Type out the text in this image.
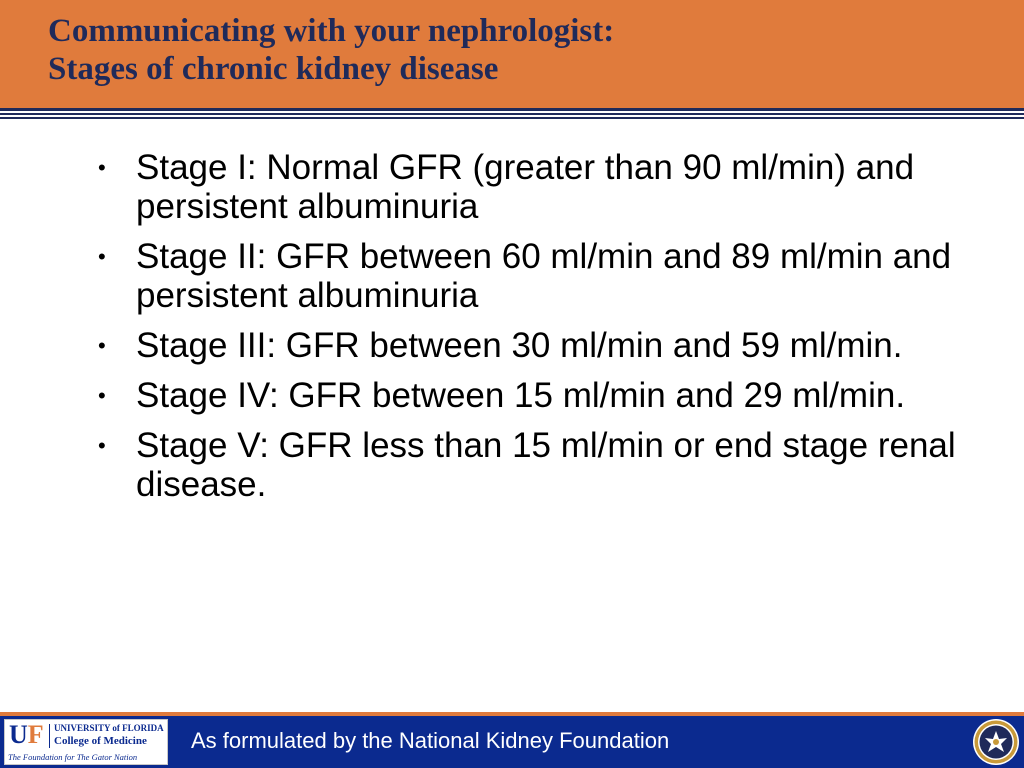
Communicating with your nephrologist:
Stages of chronic kidney disease
• Stage I: Normal GFR (greater than 90 ml/min) and persistent albuminuria
• Stage II: GFR between 60 ml/min and 89 ml/min and persistent albuminuria
• Stage III: GFR between 30 ml/min and 59 ml/min.
• Stage IV: GFR between 15 ml/min and 29 ml/min.
• Stage V: GFR less than 15 ml/min or end stage renal disease.
As formulated by the National Kidney Foundation
UF UNIVERSITY of FLORIDA
College of Medicine
The Foundation for The Gator Nation
